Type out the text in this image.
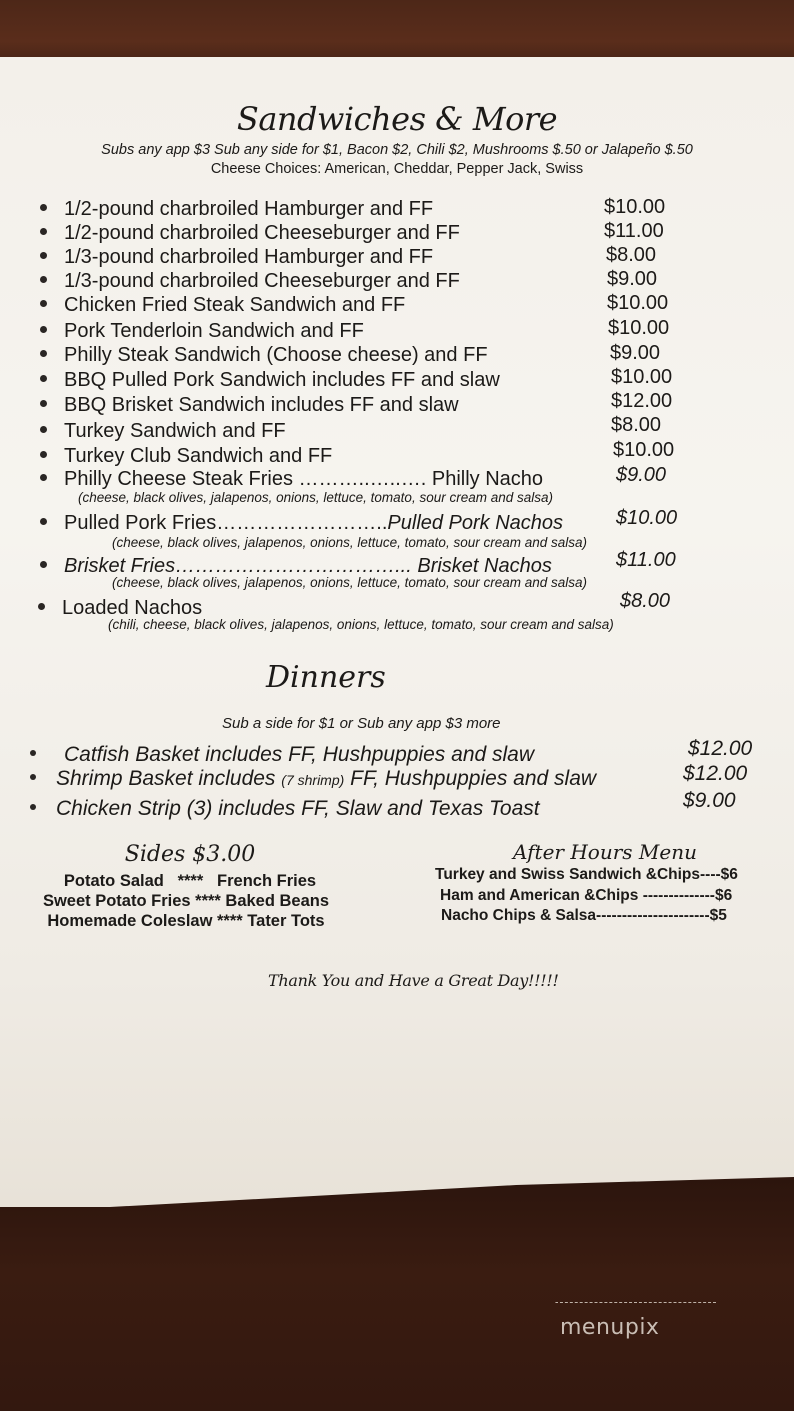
Sandwiches & More
Subs any app $3 Sub any side for $1, Bacon $2, Chili $2, Mushrooms $.50 or Jalapeño $.50
Cheese Choices: American, Cheddar, Pepper Jack, Swiss
1/2-pound charbroiled Hamburger and FF	$10.00
1/2-pound charbroiled Cheeseburger and FF	$11.00
1/3-pound charbroiled Hamburger and FF	$8.00
1/3-pound charbroiled Cheeseburger and FF	$9.00
Chicken Fried Steak Sandwich and FF	$10.00
Pork Tenderloin Sandwich and FF	$10.00
Philly Steak Sandwich (Choose cheese) and FF	$9.00
BBQ Pulled Pork Sandwich includes FF and slaw	$10.00
BBQ Brisket Sandwich includes FF and slaw	$12.00
Turkey Sandwich and FF	$8.00
Turkey Club Sandwich and FF	$10.00
Philly Cheese Steak Fries ………..…..…. Philly Nacho	$9.00
(cheese, black olives, jalapenos, onions, lettuce, tomato, sour cream and salsa)
Pulled Pork Fries……………………..Pulled Pork Nachos	$10.00
(cheese, black olives, jalapenos, onions, lettuce, tomato, sour cream and salsa)
Brisket Fries……………………………... Brisket Nachos	$11.00
(cheese, black olives, jalapenos, onions, lettuce, tomato, sour cream and salsa)
Loaded Nachos	$8.00
(chili, cheese, black olives, jalapenos, onions, lettuce, tomato, sour cream and salsa)
Dinners
Sub a side for $1 or Sub any app $3 more
Catfish Basket includes FF, Hushpuppies and slaw	$12.00
Shrimp Basket includes (7 shrimp) FF, Hushpuppies and slaw	$12.00
Chicken Strip (3) includes FF, Slaw and Texas Toast	$9.00
Sides $3.00
Potato Salad   ****   French Fries
Sweet Potato Fries **** Baked Beans
Homemade Coleslaw **** Tater Tots
After Hours Menu
Turkey and Swiss Sandwich &Chips----$6
Ham and American &Chips --------------$6
Nacho Chips & Salsa----------------------$5
Thank You and Have a Great Day!!!!!
menupix
